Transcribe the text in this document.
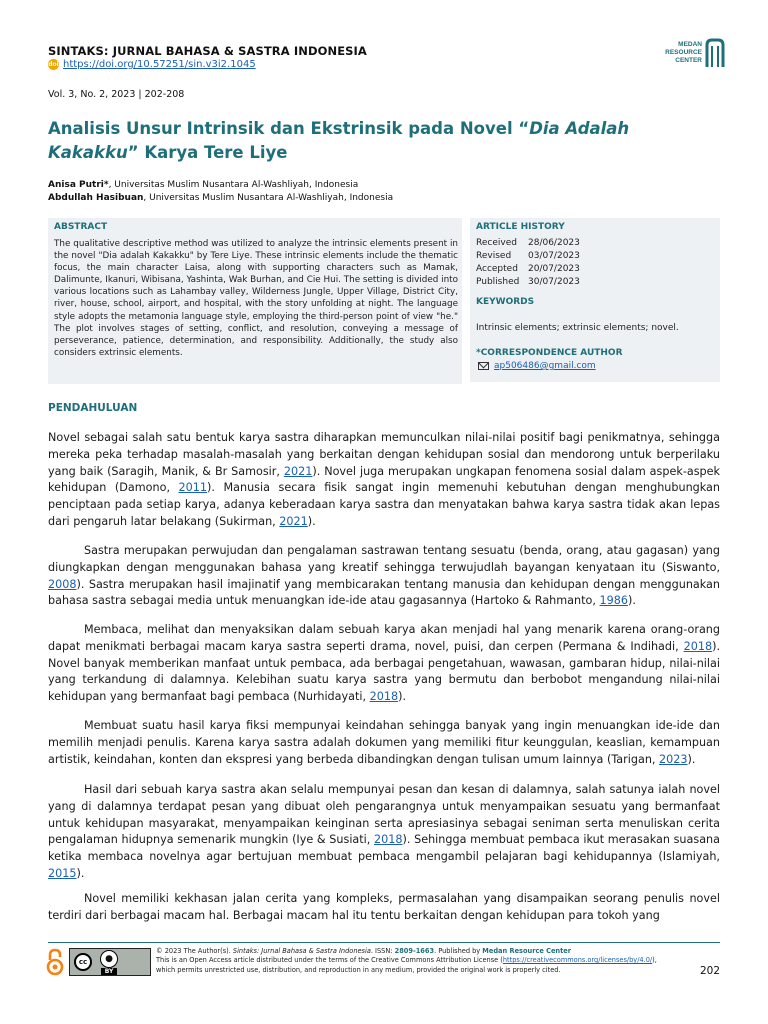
SINTAKS: JURNAL BAHASA & SASTRA INDONESIA
doi https://doi.org/10.57251/sin.v3i2.1045
MEDAN
RESOURCE
CENTER
Vol. 3, No. 2, 2023 | 202-208
Analisis Unsur Intrinsik dan Ekstrinsik pada Novel “Dia Adalah Kakakku” Karya Tere Liye
Anisa Putri*, Universitas Muslim Nusantara Al-Washliyah, Indonesia
Abdullah Hasibuan, Universitas Muslim Nusantara Al-Washliyah, Indonesia
ABSTRACT
The qualitative descriptive method was utilized to analyze the intrinsic elements present in the novel "Dia adalah Kakakku" by Tere Liye. These intrinsic elements include the thematic focus, the main character Laisa, along with supporting characters such as Mamak, Dalimunte, Ikanuri, Wibisana, Yashinta, Wak Burhan, and Cie Hui. The setting is divided into various locations such as Lahambay valley, Wilderness Jungle, Upper Village, District City, river, house, school, airport, and hospital, with the story unfolding at night. The language style adopts the metamonia language style, employing the third-person point of view "he." The plot involves stages of setting, conflict, and resolution, conveying a message of perseverance, patience, determination, and responsibility. Additionally, the study also considers extrinsic elements.
ARTICLE HISTORY
Received	28/06/2023
Revised	03/07/2023
Accepted	20/07/2023
Published 30/07/2023
KEYWORDS
Intrinsic elements; extrinsic elements; novel.
*CORRESPONDENCE AUTHOR
ap506486@gmail.com
PENDAHULUAN
Novel sebagai salah satu bentuk karya sastra diharapkan memunculkan nilai-nilai positif bagi penikmatnya, sehingga mereka peka terhadap masalah-masalah yang berkaitan dengan kehidupan sosial dan mendorong untuk berperilaku yang baik (Saragih, Manik, & Br Samosir, 2021). Novel juga merupakan ungkapan fenomena sosial dalam aspek-aspek kehidupan (Damono, 2011). Manusia secara fisik sangat ingin memenuhi kebutuhan dengan menghubungkan penciptaan pada setiap karya, adanya keberadaan karya sastra dan menyatakan bahwa karya sastra tidak akan lepas dari pengaruh latar belakang (Sukirman, 2021).
Sastra merupakan perwujudan dan pengalaman sastrawan tentang sesuatu (benda, orang, atau gagasan) yang diungkapkan dengan menggunakan bahasa yang kreatif sehingga terwujudlah bayangan kenyataan itu (Siswanto, 2008). Sastra merupakan hasil imajinatif yang membicarakan tentang manusia dan kehidupan dengan menggunakan bahasa sastra sebagai media untuk menuangkan ide-ide atau gagasannya (Hartoko & Rahmanto, 1986).
Membaca, melihat dan menyaksikan dalam sebuah karya akan menjadi hal yang menarik karena orang-orang dapat menikmati berbagai macam karya sastra seperti drama, novel, puisi, dan cerpen (Permana & Indihadi, 2018). Novel banyak memberikan manfaat untuk pembaca, ada berbagai pengetahuan, wawasan, gambaran hidup, nilai-nilai yang terkandung di dalamnya. Kelebihan suatu karya sastra yang bermutu dan berbobot mengandung nilai-nilai kehidupan yang bermanfaat bagi pembaca (Nurhidayati, 2018).
Membuat suatu hasil karya fiksi mempunyai keindahan sehingga banyak yang ingin menuangkan ide-ide dan memilih menjadi penulis. Karena karya sastra adalah dokumen yang memiliki fitur keunggulan, keaslian, kemampuan artistik, keindahan, konten dan ekspresi yang berbeda dibandingkan dengan tulisan umum lainnya (Tarigan, 2023).
Hasil dari sebuah karya sastra akan selalu mempunyai pesan dan kesan di dalamnya, salah satunya ialah novel yang di dalamnya terdapat pesan yang dibuat oleh pengarangnya untuk menyampaikan sesuatu yang bermanfaat untuk kehidupan masyarakat, menyampaikan keinginan serta apresiasinya sebagai seniman serta menuliskan cerita pengalaman hidupnya semenarik mungkin (Iye & Susiati, 2018). Sehingga membuat pembaca ikut merasakan suasana ketika membaca novelnya agar bertujuan membuat pembaca mengambil pelajaran bagi kehidupannya (Islamiyah, 2015).
Novel memiliki kekhasan jalan cerita yang kompleks, permasalahan yang disampaikan seorang penulis novel terdiri dari berbagai macam hal. Berbagai macam hal itu tentu berkaitan dengan kehidupan para tokoh yang
cc	●
BY
© 2023 The Author(s). Sintaks: Jurnal Bahasa & Sastra Indonesia. ISSN: 2809-1663. Published by Medan Resource Center
This is an Open Access article distributed under the terms of the Creative Commons Attribution License (https://creativecommons.org/licenses/by/4.0/), which permits unrestricted use, distribution, and reproduction in any medium, provided the original work is properly cited.	202
